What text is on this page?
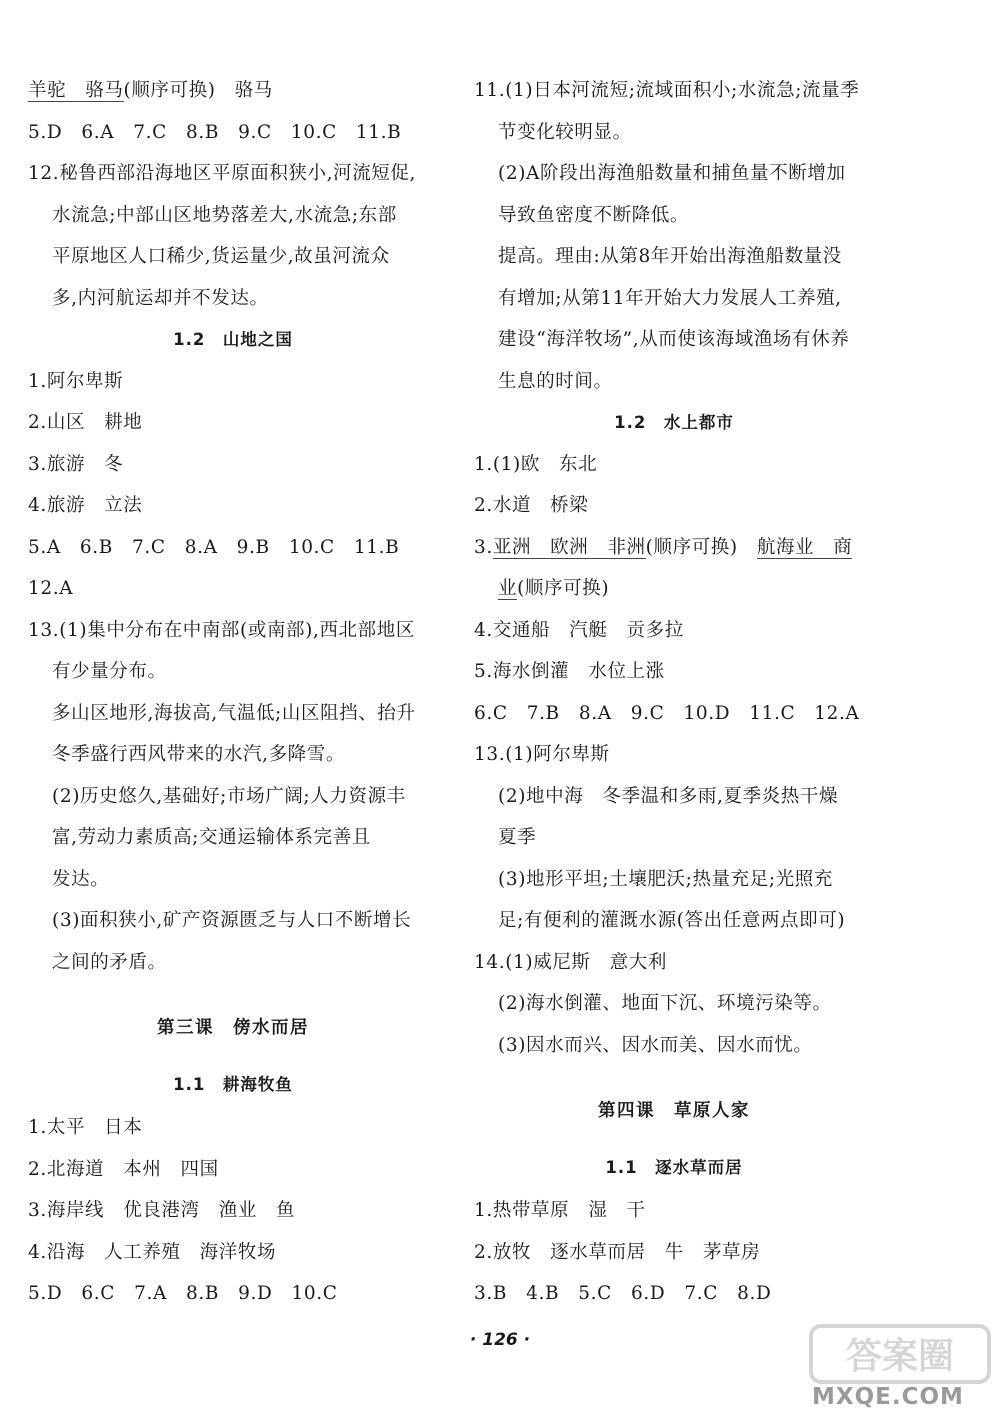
羊驼　骆马(顺序可换)　骆马
5.D　6.A　7.C　8.B　9.C　10.C　11.B
12.秘鲁西部沿海地区平原面积狭小,河流短促,
水流急;中部山区地势落差大,水流急;东部
平原地区人口稀少,货运量少,故虽河流众
多,内河航运却并不发达。
1.2　山地之国
1.阿尔卑斯
2.山区　耕地
3.旅游　冬
4.旅游　立法
5.A　6.B　7.C　8.A　9.B　10.C　11.B
12.A
13.(1)集中分布在中南部(或南部),西北部地区
有少量分布。
多山区地形,海拔高,气温低;山区阻挡、抬升
冬季盛行西风带来的水汽,多降雪。
(2)历史悠久,基础好;市场广阔;人力资源丰
富,劳动力素质高;交通运输体系完善且
发达。
(3)面积狭小,矿产资源匮乏与人口不断增长
之间的矛盾。
第三课　傍水而居
1.1　耕海牧鱼
1.太平　日本
2.北海道　本州　四国
3.海岸线　优良港湾　渔业　鱼
4.沿海　人工养殖　海洋牧场
5.D　6.C　7.A　8.B　9.D　10.C
11.(1)日本河流短;流域面积小;水流急;流量季
节变化较明显。
(2)A阶段出海渔船数量和捕鱼量不断增加
导致鱼密度不断降低。
提高。理由:从第8年开始出海渔船数量没
有增加;从第11年开始大力发展人工养殖,
建设“海洋牧场”,从而使该海域渔场有休养
生息的时间。
1.2　水上都市
1.(1)欧　东北
2.水道　桥梁
3.亚洲　欧洲　非洲(顺序可换)　航海业　商
业(顺序可换)
4.交通船　汽艇　贡多拉
5.海水倒灌　水位上涨
6.C　7.B　8.A　9.C　10.D　11.C　12.A
13.(1)阿尔卑斯
(2)地中海　冬季温和多雨,夏季炎热干燥
夏季
(3)地形平坦;土壤肥沃;热量充足;光照充
足;有便利的灌溉水源(答出任意两点即可)
14.(1)威尼斯　意大利
(2)海水倒灌、地面下沉、环境污染等。
(3)因水而兴、因水而美、因水而忧。
第四课　草原人家
1.1　逐水草而居
1.热带草原　湿　干
2.放牧　逐水草而居　牛　茅草房
3.B　4.B　5.C　6.D　7.C　8.D
· 126 ·	答案圈
MXQE.COM
